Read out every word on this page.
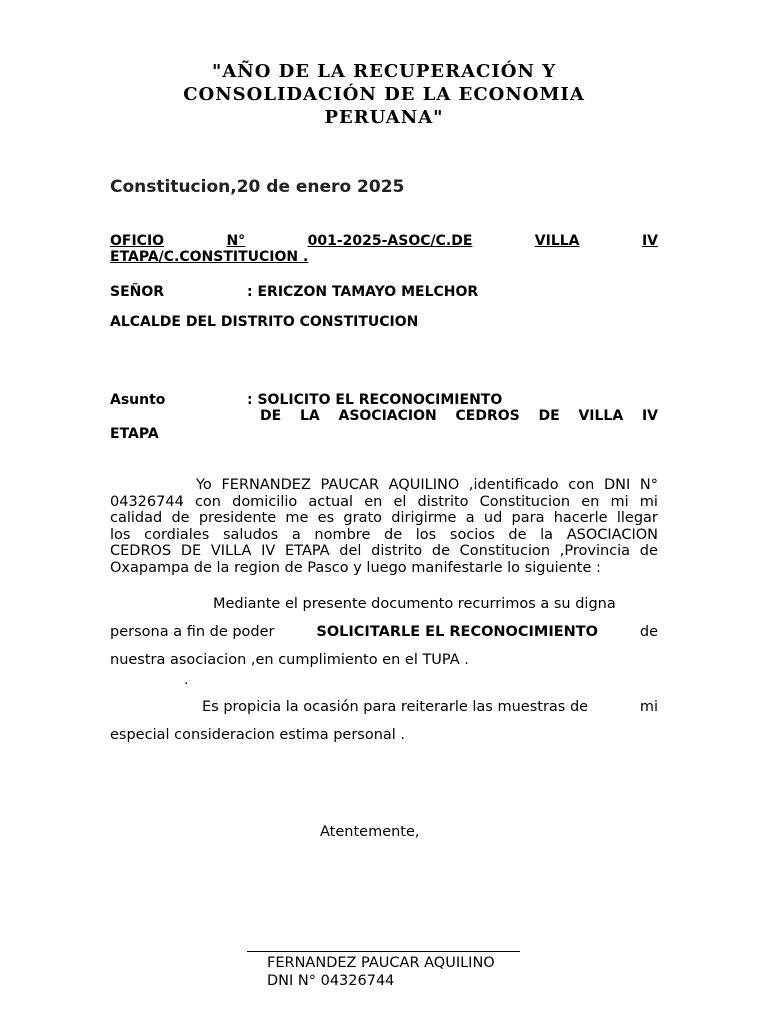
"AÑO DE LA RECUPERACIÓN Y
CONSOLIDACIÓN DE LA ECONOMIA
PERUANA"
Constitucion,20 de enero 2025
OFICIO	N°	001-2025-ASOC/C.DE	VILLA	IV
ETAPA/C.CONSTITUCION .
SEÑOR	: ERICZON TAMAYO MELCHOR
ALCALDE DEL DISTRITO CONSTITUCION
Asunto	: SOLICITO EL RECONOCIMIENTO
DE LA ASOCIACION CEDROS DE VILLA IV
ETAPA
Yo FERNANDEZ PAUCAR AQUILINO ,identificado con DNI N°
04326744 con domicilio actual en el distrito Constitucion en mi mi
calidad de presidente me es grato dirigirme a ud para hacerle llegar
los cordiales saludos a nombre de los socios de la ASOCIACION
CEDROS DE VILLA IV ETAPA del distrito de Constitucion ,Provincia de
Oxapampa de la region de Pasco y luego manifestarle lo siguiente :
Mediante el presente documento recurrimos a su digna
persona a fin de poder	SOLICITARLE EL RECONOCIMIENTO	de
nuestra asociacion ,en cumplimiento en el TUPA .
.
Es propicia la ocasión para reiterarle las muestras de	mi
especial consideracion estima personal .
Atentemente,
FERNANDEZ PAUCAR AQUILINO
DNI N° 04326744
